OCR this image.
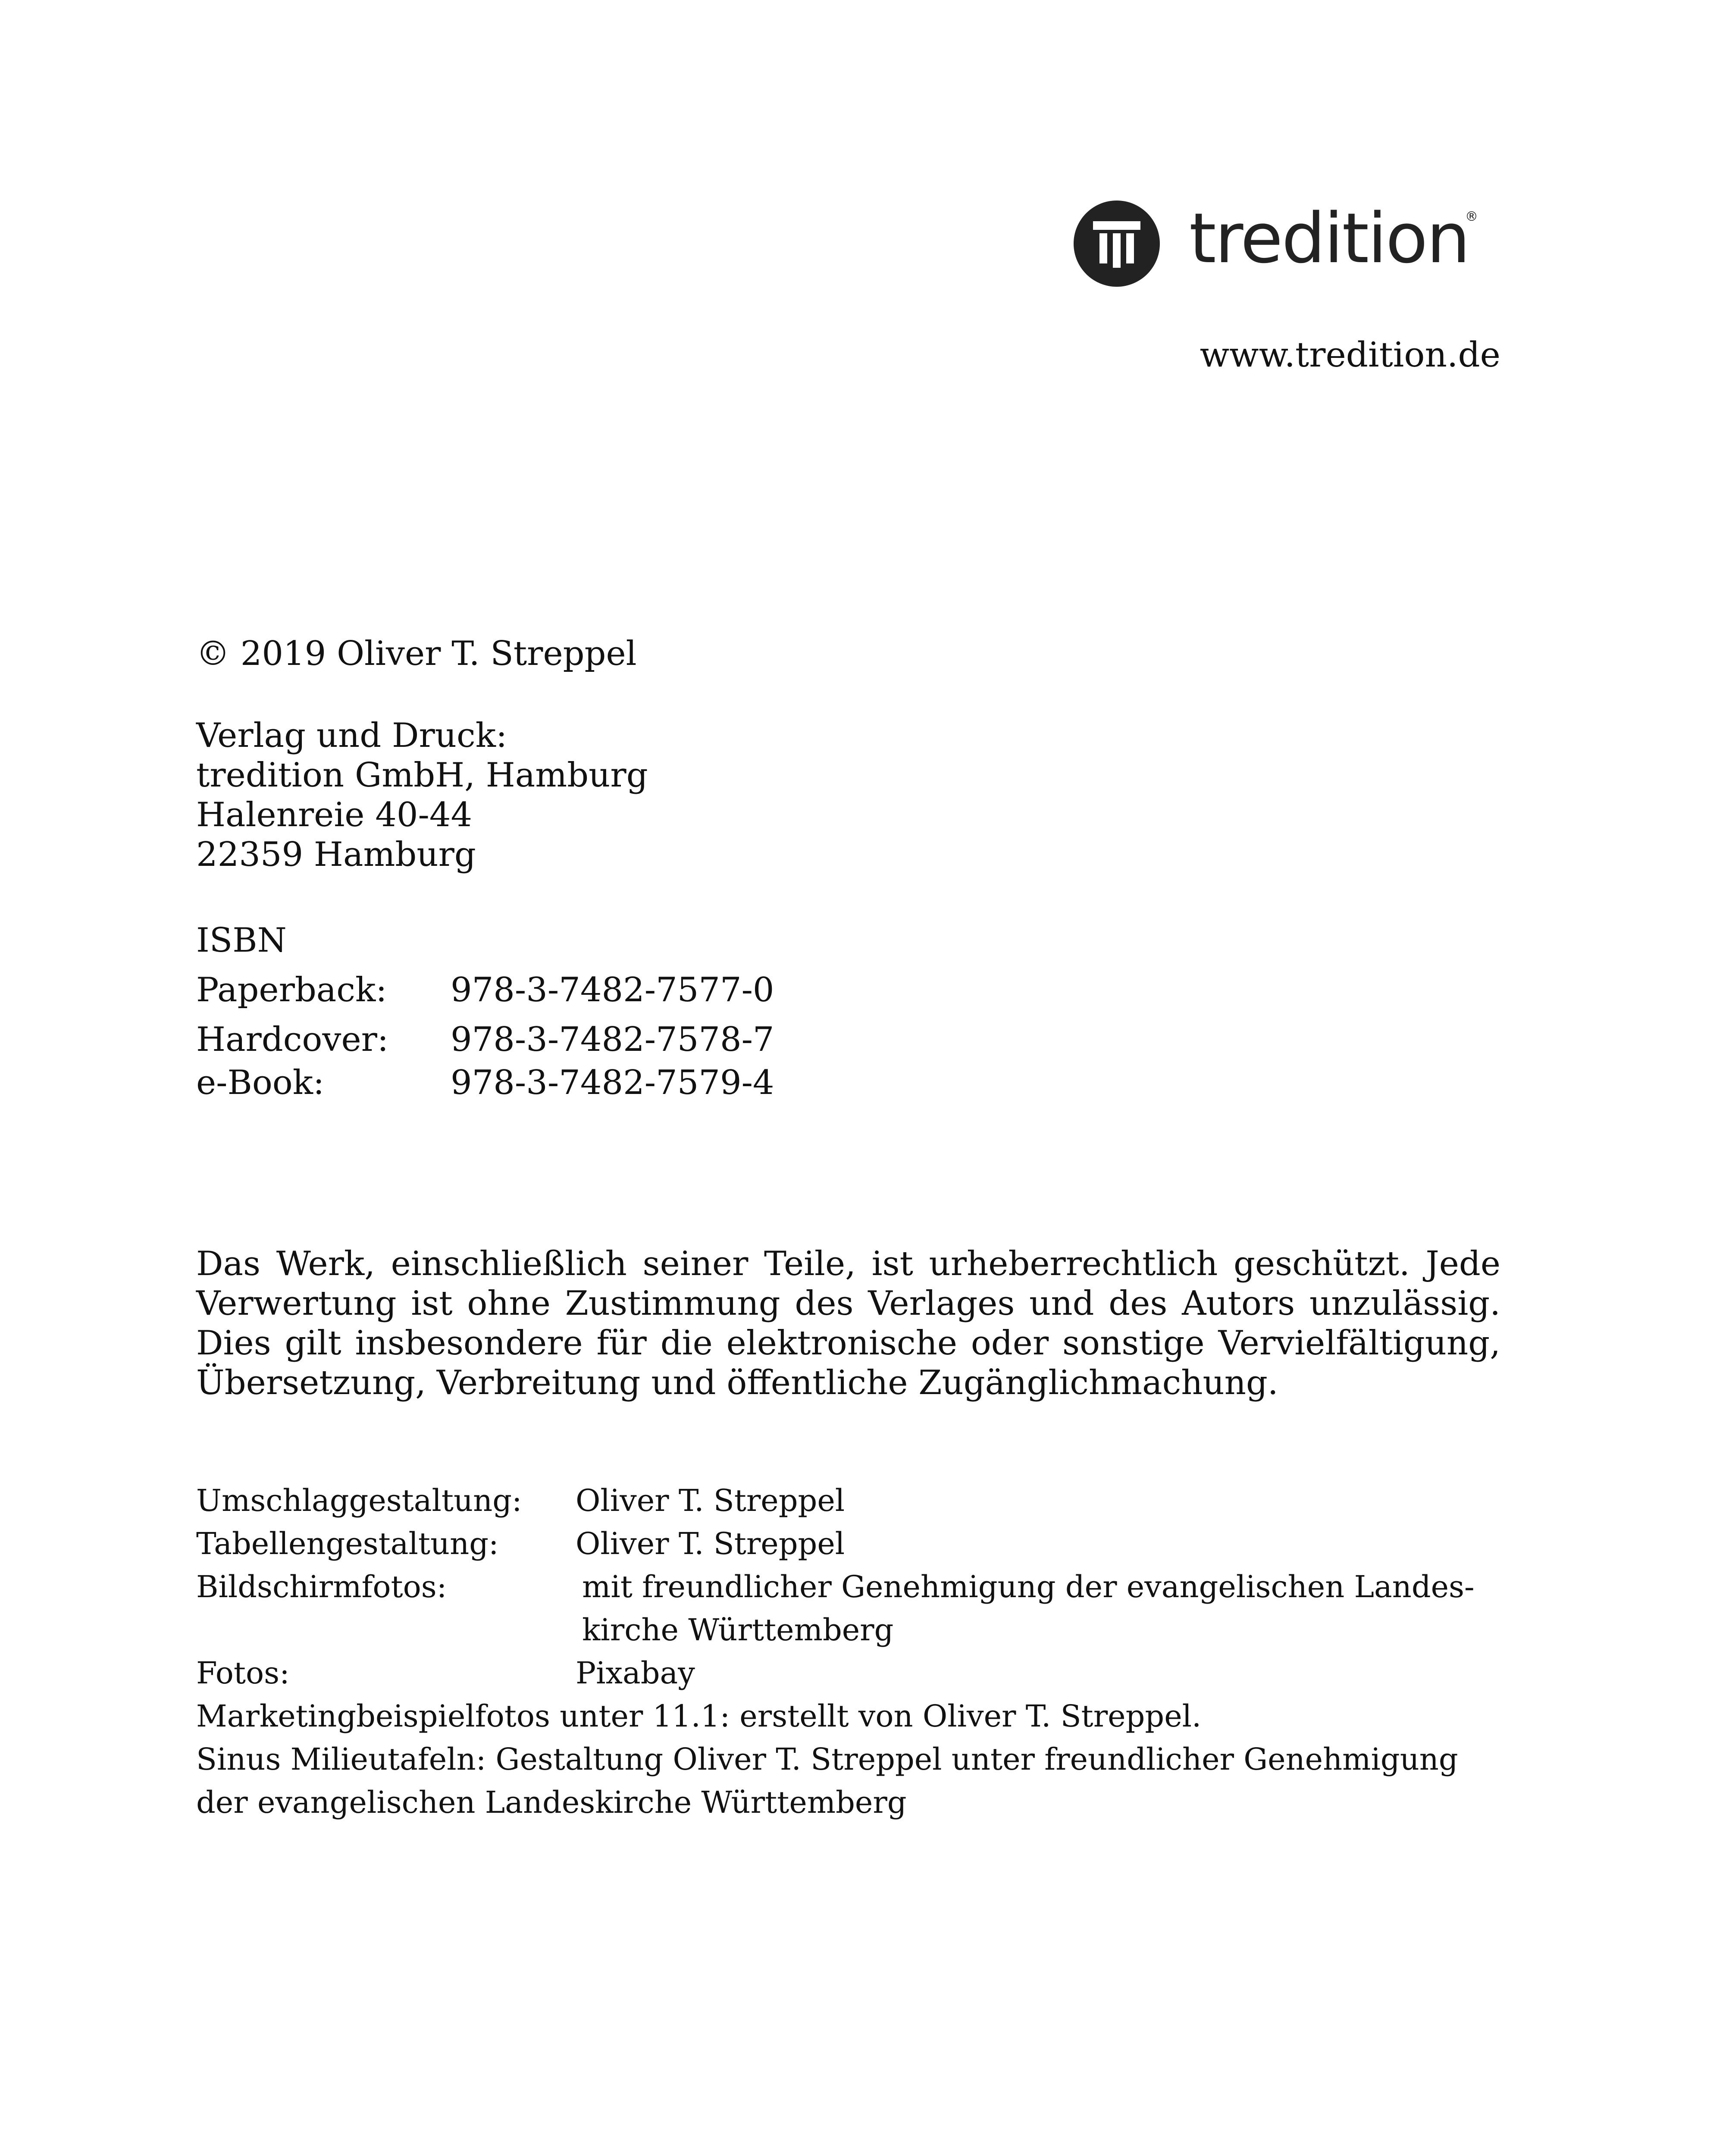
tredition
®
www.tredition.de
© 2019 Oliver T. Streppel
Verlag und Druck:
tredition GmbH, Hamburg
Halenreie 40-44
22359 Hamburg
ISBN
Paperback: 978-3-7482-7577-0
Hardcover: 978-3-7482-7578-7
e-Book:	978-3-7482-7579-4
Das Werk, einschließlich seiner Teile, ist urheberrechtlich geschützt. Jede Verwertung ist ohne Zustimmung des Verlages und des Autors unzulässig. Dies gilt insbesondere für die elektronische oder sonstige Vervielfältigung, Übersetzung, Verbreitung und öffentliche Zugänglichmachung.
Umschlaggestaltung:	Oliver T. Streppel
Tabellengestaltung:	Oliver T. Streppel
Bildschirmfotos:	mit freundlicher Genehmigung der evangelischen Landes-
kirche Württemberg
Fotos:	Pixabay
Marketingbeispielfotos unter 11.1: erstellt von Oliver T. Streppel.
Sinus Milieutafeln: Gestaltung Oliver T. Streppel unter freundlicher Genehmigung
der evangelischen Landeskirche Württemberg
